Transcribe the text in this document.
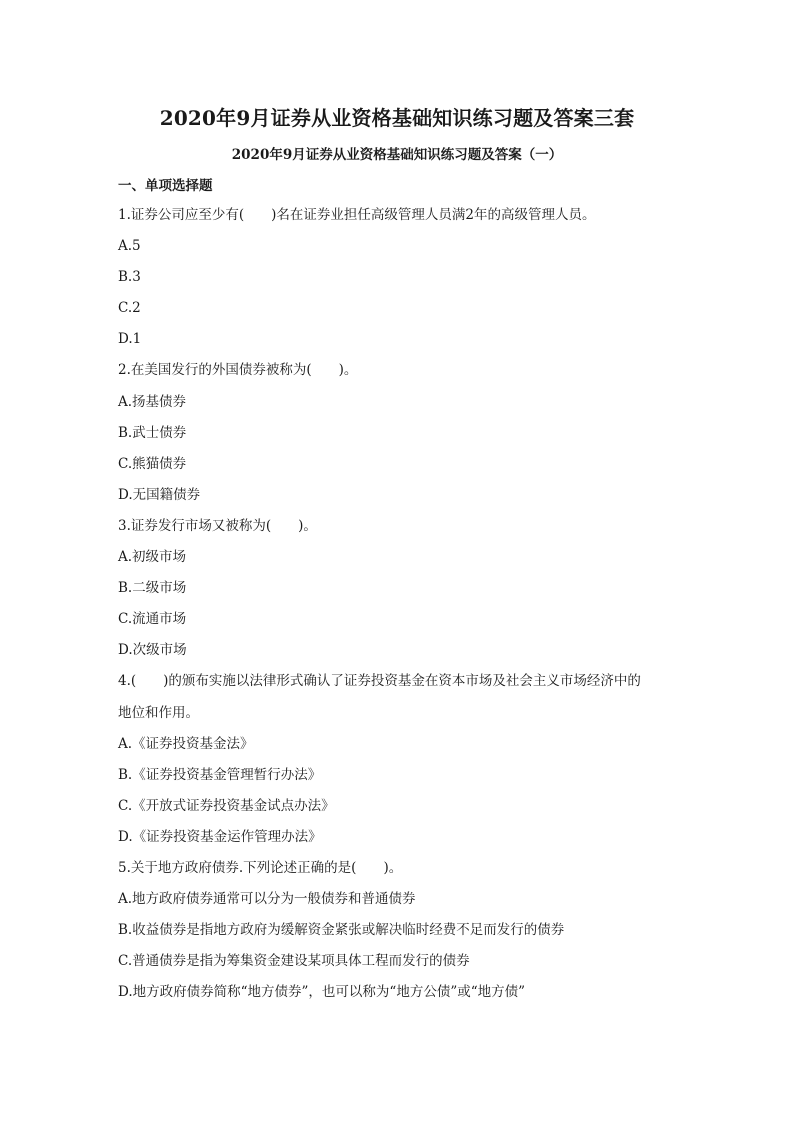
2020年9月证券从业资格基础知识练习题及答案三套
2020年9月证券从业资格基础知识练习题及答案（一）
一、单项选择题
1.证券公司应至少有(　　)名在证券业担任高级管理人员满2年的高级管理人员。
A.5
B.3
C.2
D.1
2.在美国发行的外国债券被称为(　　)。
A.扬基债券
B.武士债券
C.熊猫债券
D.无国籍债券
3.证券发行市场又被称为(　　)。
A.初级市场
B.二级市场
C.流通市场
D.次级市场
4.(　　)的颁布实施以法律形式确认了证券投资基金在资本市场及社会主义市场经济中的
地位和作用。
A.《证券投资基金法》
B.《证券投资基金管理暂行办法》
C.《开放式证券投资基金试点办法》
D.《证券投资基金运作管理办法》
5.关于地方政府债券.下列论述正确的是(　　)。
A.地方政府债券通常可以分为一般债券和普通债券
B.收益债券是指地方政府为缓解资金紧张或解决临时经费不足而发行的债券
C.普通债券是指为筹集资金建设某项具体工程而发行的债券
D.地方政府债券简称“地方债券”，也可以称为“地方公债”或“地方债”
